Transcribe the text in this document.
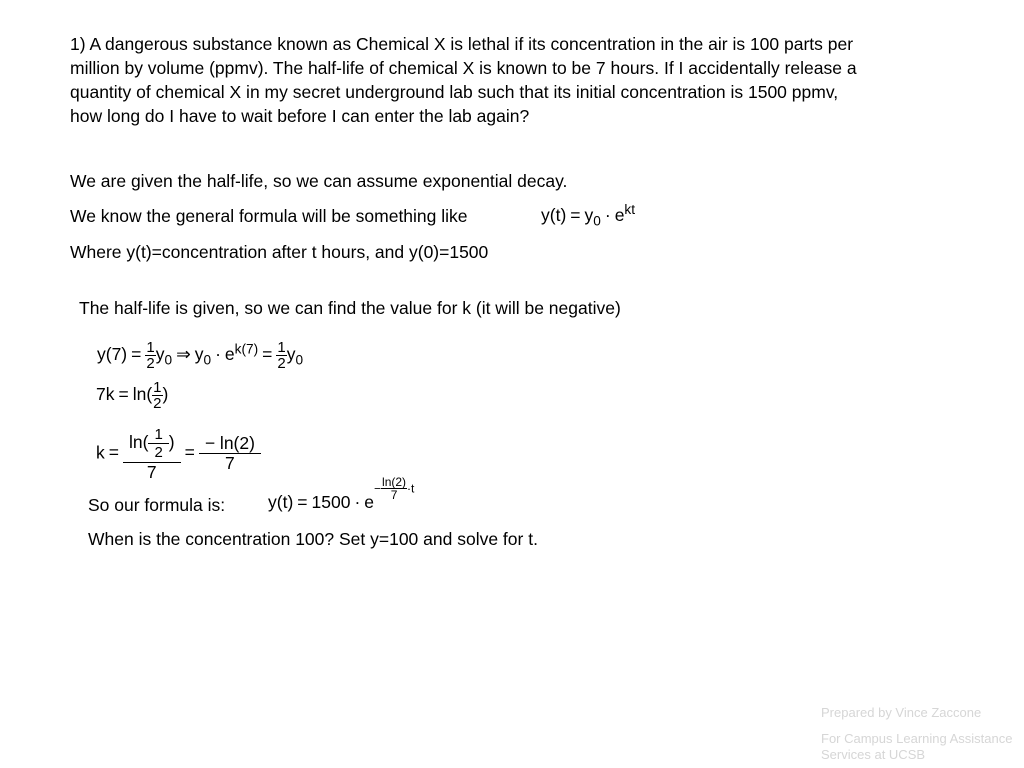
1) A dangerous substance known as Chemical X is lethal if its concentration in the air is 100 parts per
million by volume (ppmv). The half-life of chemical X is known to be 7 hours. If I accidentally release a
quantity of chemical X in my secret underground lab such that its initial concentration is 1500 ppmv,
how long do I have to wait before I can enter the lab again?
We are given the half-life, so we can assume exponential decay.
We know the general formula will be something like	$y(t) = y_0 \cdot e^{kt}$
Where y(t)=concentration after t hours, and y(0)=1500
The half-life is given, so we can find the value for k (it will be negative)
$y(7) = \frac{1}{2} y_0$ ⇒ $y_0 \cdot e^{k(7)} = \frac{1}{2} y_0$
$7k = \ln( \frac{1}{2}$ )
$k = \frac{\ln( \frac{1}{2} )}{7} = \frac{- \ln(2)}{7}$
So our formula is: $y(t) = 1500 \cdot e- \frac{\ln(2)}{7} \cdot t$
When is the concentration 100? Set y=100 and solve for t.
Prepared by Vince Zaccone
For Campus Learning Assistance Services at UCSB
